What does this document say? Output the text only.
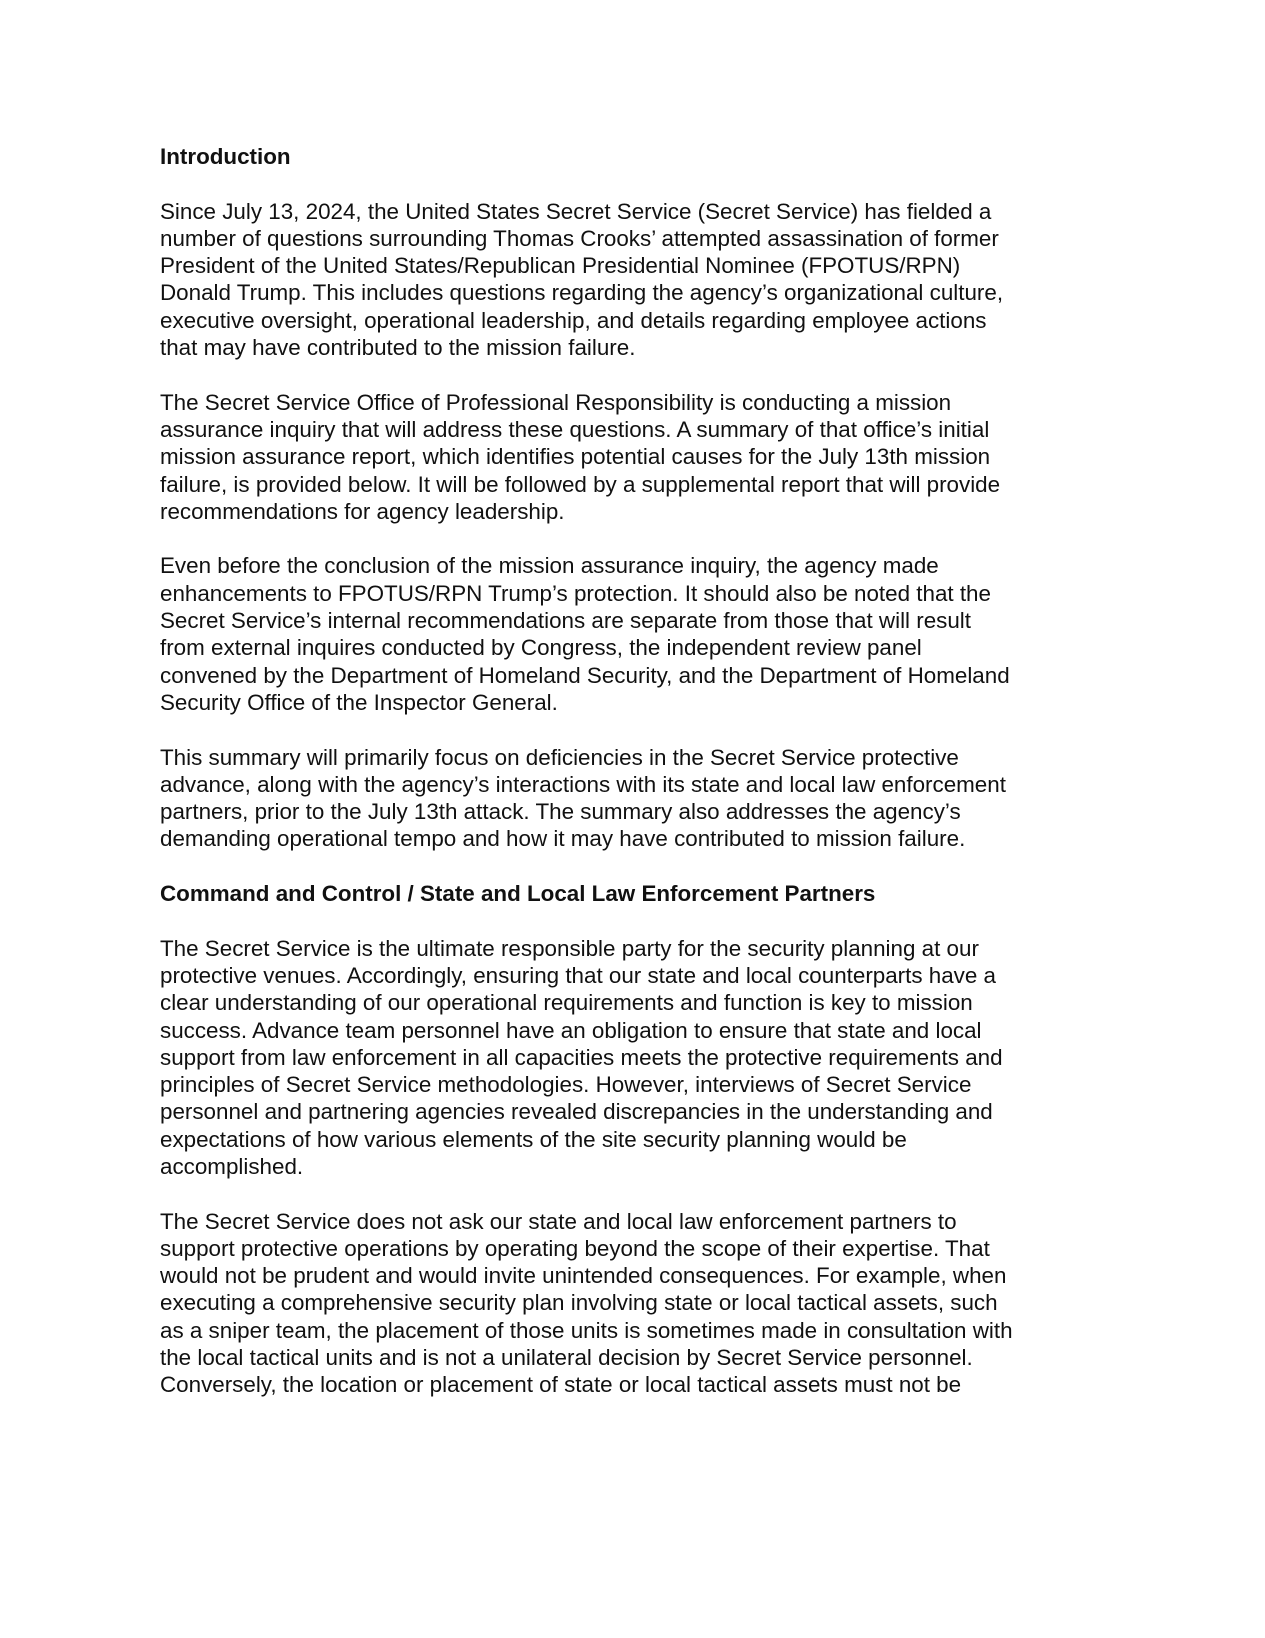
Introduction
Since July 13, 2024, the United States Secret Service (Secret Service) has fielded a
number of questions surrounding Thomas Crooks’ attempted assassination of former
President of the United States/Republican Presidential Nominee (FPOTUS/RPN)
Donald Trump. This includes questions regarding the agency’s organizational culture,
executive oversight, operational leadership, and details regarding employee actions
that may have contributed to the mission failure.
The Secret Service Office of Professional Responsibility is conducting a mission
assurance inquiry that will address these questions. A summary of that office’s initial
mission assurance report, which identifies potential causes for the July 13th mission
failure, is provided below. It will be followed by a supplemental report that will provide
recommendations for agency leadership.
Even before the conclusion of the mission assurance inquiry, the agency made
enhancements to FPOTUS/RPN Trump’s protection. It should also be noted that the
Secret Service’s internal recommendations are separate from those that will result
from external inquires conducted by Congress, the independent review panel
convened by the Department of Homeland Security, and the Department of Homeland
Security Office of the Inspector General.
This summary will primarily focus on deficiencies in the Secret Service protective
advance, along with the agency’s interactions with its state and local law enforcement
partners, prior to the July 13th attack. The summary also addresses the agency’s
demanding operational tempo and how it may have contributed to mission failure.
Command and Control / State and Local Law Enforcement Partners
The Secret Service is the ultimate responsible party for the security planning at our
protective venues. Accordingly, ensuring that our state and local counterparts have a
clear understanding of our operational requirements and function is key to mission
success. Advance team personnel have an obligation to ensure that state and local
support from law enforcement in all capacities meets the protective requirements and
principles of Secret Service methodologies. However, interviews of Secret Service
personnel and partnering agencies revealed discrepancies in the understanding and
expectations of how various elements of the site security planning would be
accomplished.
The Secret Service does not ask our state and local law enforcement partners to
support protective operations by operating beyond the scope of their expertise. That
would not be prudent and would invite unintended consequences. For example, when
executing a comprehensive security plan involving state or local tactical assets, such
as a sniper team, the placement of those units is sometimes made in consultation with
the local tactical units and is not a unilateral decision by Secret Service personnel.
Conversely, the location or placement of state or local tactical assets must not be
